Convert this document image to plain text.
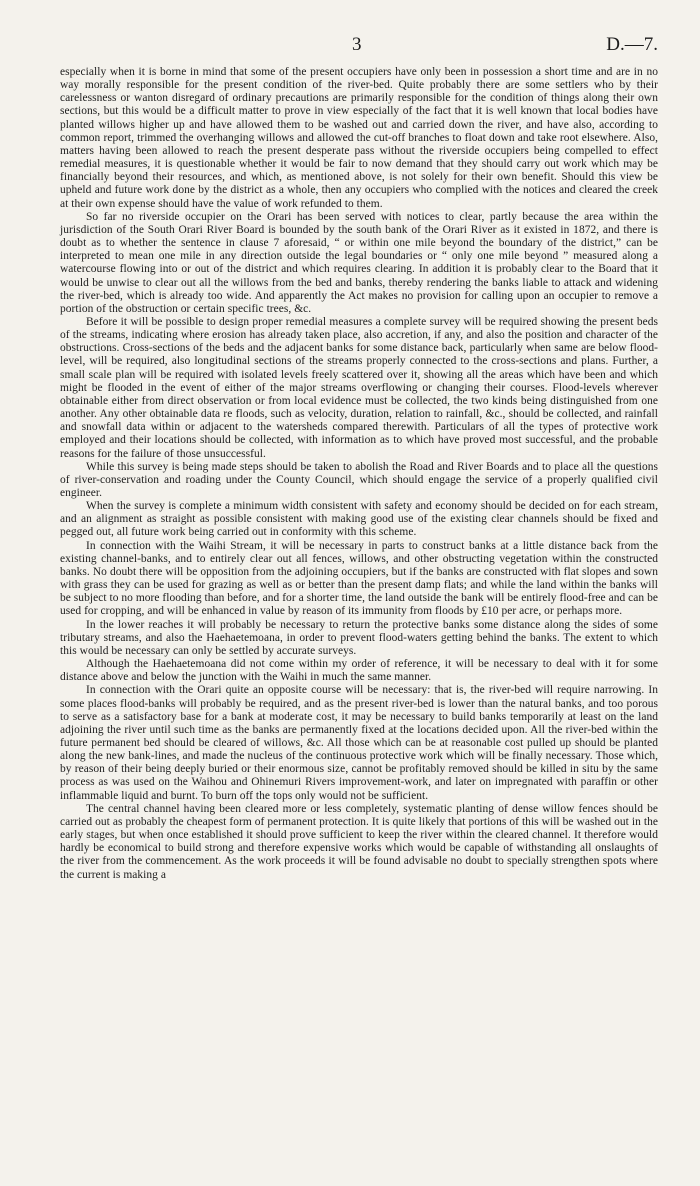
3	D.—7.

especially when it is borne in mind that some of the present occupiers have only been in possession a short time and are in no way morally responsible for the present condition of the river-bed. Quite probably there are some settlers who by their carelessness or wanton disregard of ordinary precautions are primarily responsible for the condition of things along their own sections, but this would be a difficult matter to prove in view especially of the fact that it is well known that local bodies have planted willows higher up and have allowed them to be washed out and carried down the river, and have also, according to common report, trimmed the overhanging willows and allowed the cut-off branches to float down and take root elsewhere. Also, matters having been allowed to reach the present desperate pass without the riverside occupiers being compelled to effect remedial measures, it is questionable whether it would be fair to now demand that they should carry out work which may be financially beyond their resources, and which, as mentioned above, is not solely for their own benefit. Should this view be upheld and future work done by the district as a whole, then any occupiers who complied with the notices and cleared the creek at their own expense should have the value of work refunded to them.

So far no riverside occupier on the Orari has been served with notices to clear, partly because the area within the jurisdiction of the South Orari River Board is bounded by the south bank of the Orari River as it existed in 1872, and there is doubt as to whether the sentence in clause 7 aforesaid, “ or within one mile beyond the boundary of the district,” can be interpreted to mean one mile in any direction outside the legal boundaries or “ only one mile beyond ” measured along a watercourse flowing into or out of the district and which requires clearing. In addition it is probably clear to the Board that it would be unwise to clear out all the willows from the bed and banks, thereby rendering the banks liable to attack and widening the river-bed, which is already too wide. And apparently the Act makes no provision for calling upon an occupier to remove a portion of the obstruction or certain specific trees, &c.

Before it will be possible to design proper remedial measures a complete survey will be required showing the present beds of the streams, indicating where erosion has already taken place, also accretion, if any, and also the position and character of the obstructions. Cross-sections of the beds and the adjacent banks for some distance back, particularly when same are below flood-level, will be required, also longitudinal sections of the streams properly connected to the cross-sections and plans. Further, a small scale plan will be required with isolated levels freely scattered over it, showing all the areas which have been and which might be flooded in the event of either of the major streams overflowing or changing their courses. Flood-levels wherever obtainable either from direct observation or from local evidence must be collected, the two kinds being distinguished from one another. Any other obtainable data re floods, such as velocity, duration, relation to rainfall, &c., should be collected, and rainfall and snowfall data within or adjacent to the watersheds compared therewith. Particulars of all the types of protective work employed and their locations should be collected, with information as to which have proved most successful, and the probable reasons for the failure of those unsuccessful.

While this survey is being made steps should be taken to abolish the Road and River Boards and to place all the questions of river-conservation and roading under the County Council, which should engage the service of a properly qualified civil engineer.

When the survey is complete a minimum width consistent with safety and economy should be decided on for each stream, and an alignment as straight as possible consistent with making good use of the existing clear channels should be fixed and pegged out, all future work being carried out in conformity with this scheme.

In connection with the Waihi Stream, it will be necessary in parts to construct banks at a little distance back from the existing channel-banks, and to entirely clear out all fences, willows, and other obstructing vegetation within the constructed banks. No doubt there will be opposition from the adjoining occupiers, but if the banks are constructed with flat slopes and sown with grass they can be used for grazing as well as or better than the present damp flats; and while the land within the banks will be subject to no more flooding than before, and for a shorter time, the land outside the bank will be entirely flood-free and can be used for cropping, and will be enhanced in value by reason of its immunity from floods by £10 per acre, or perhaps more.

In the lower reaches it will probably be necessary to return the protective banks some distance along the sides of some tributary streams, and also the Haehaetemoana, in order to prevent flood-waters getting behind the banks. The extent to which this would be necessary can only be settled by accurate surveys.

Although the Haehaetemoana did not come within my order of reference, it will be necessary to deal with it for some distance above and below the junction with the Waihi in much the same manner.

In connection with the Orari quite an opposite course will be necessary: that is, the river-bed will require narrowing. In some places flood-banks will probably be required, and as the present river-bed is lower than the natural banks, and too porous to serve as a satisfactory base for a bank at moderate cost, it may be necessary to build banks temporarily at least on the land adjoining the river until such time as the banks are permanently fixed at the locations decided upon. All the river-bed within the future permanent bed should be cleared of willows, &c. All those which can be at reasonable cost pulled up should be planted along the new bank-lines, and made the nucleus of the continuous protective work which will be finally necessary. Those which, by reason of their being deeply buried or their enormous size, cannot be profitably removed should be killed in situ by the same process as was used on the Waihou and Ohinemuri Rivers improvement-work, and later on impregnated with paraffin or other inflammable liquid and burnt. To burn off the tops only would not be sufficient.

The central channel having been cleared more or less completely, systematic planting of dense willow fences should be carried out as probably the cheapest form of permanent protection. It is quite likely that portions of this will be washed out in the early stages, but when once established it should prove sufficient to keep the river within the cleared channel. It therefore would hardly be economical to build strong and therefore expensive works which would be capable of withstanding all onslaughts of the river from the commencement. As the work proceeds it will be found advisable no doubt to specially strengthen spots where the current is making a
